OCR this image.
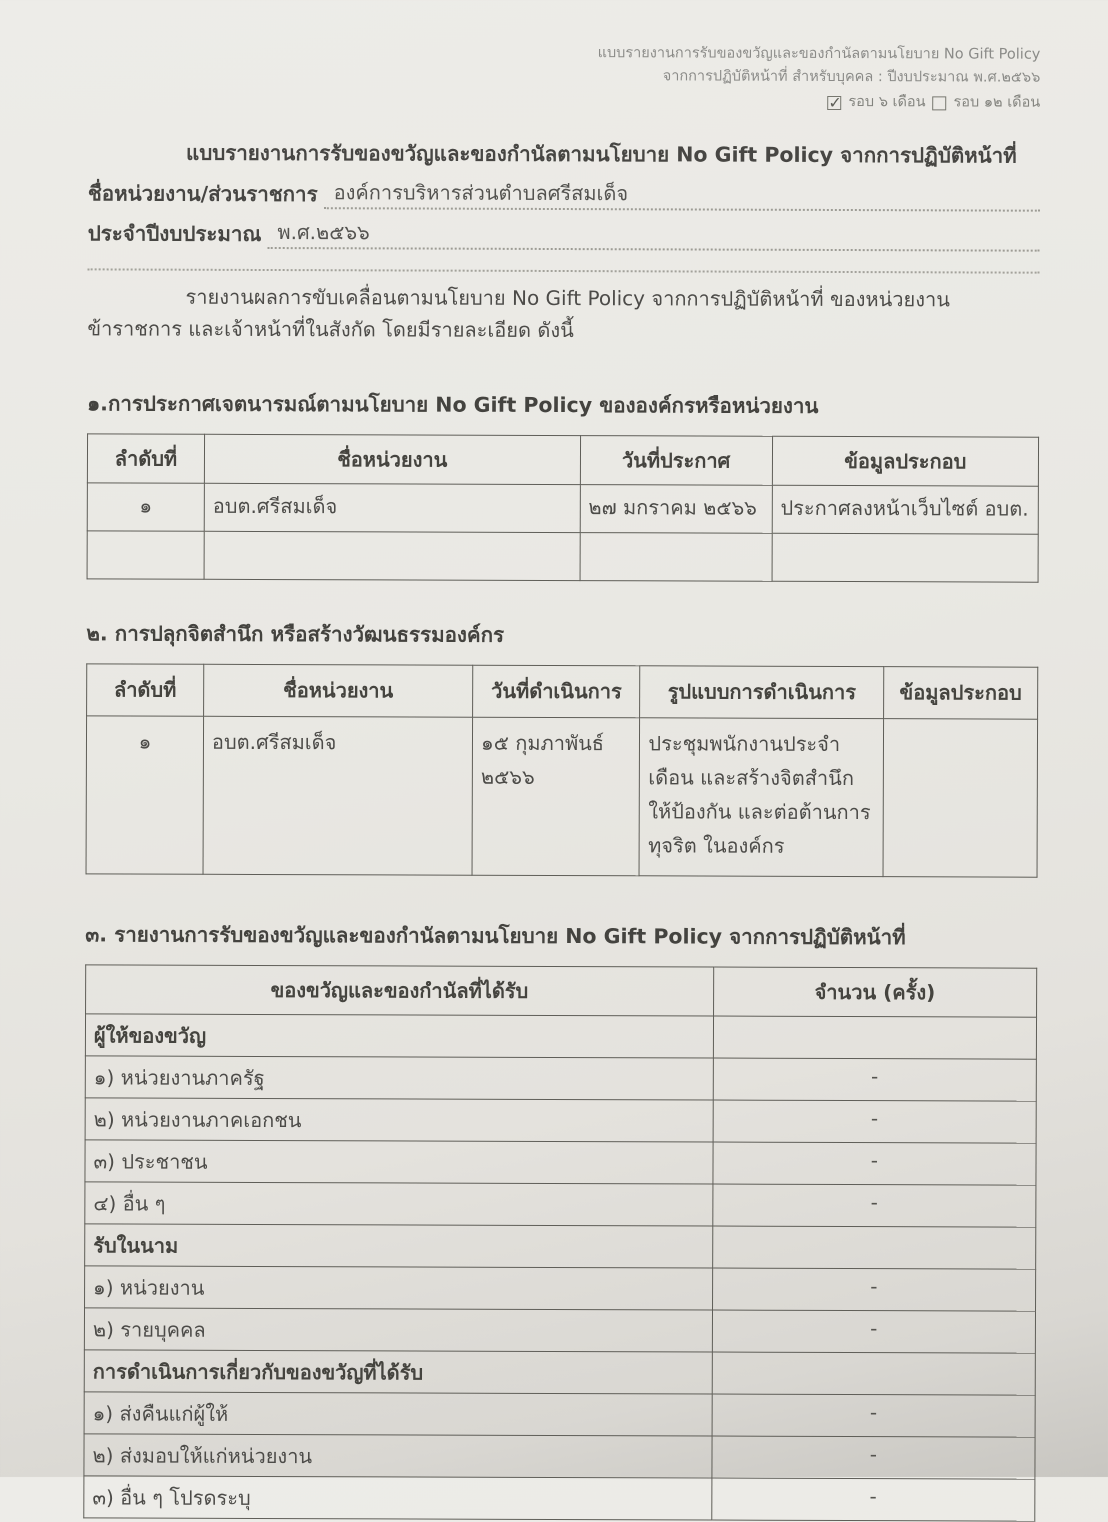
แบบรายงานการรับของขวัญและของกำนัลตามนโยบาย No Gift Policy
จากการปฏิบัติหน้าที่ สำหรับบุคคล : ปีงบประมาณ พ.ศ.๒๕๖๖
✓ รอบ ๖ เดือน รอบ ๑๒ เดือน
แบบรายงานการรับของขวัญและของกำนัลตามนโยบาย No Gift Policy จากการปฏิบัติหน้าที่
ชื่อหน่วยงาน/ส่วนราชการ องค์การบริหารส่วนตำบลศรีสมเด็จ
ประจำปีงบประมาณ พ.ศ.๒๕๖๖
รายงานผลการขับเคลื่อนตามนโยบาย No Gift Policy จากการปฏิบัติหน้าที่ ของหน่วยงาน ข้าราชการ และเจ้าหน้าที่ในสังกัด โดยมีรายละเอียด ดังนี้
๑.การประกาศเจตนารมณ์ตามนโยบาย No Gift Policy ขององค์กรหรือหน่วยงาน
ลำดับที่	ชื่อหน่วยงาน	วันที่ประกาศ	ข้อมูลประกอบ
๑	อบต.ศรีสมเด็จ	๒๗ มกราคม ๒๕๖๖	ประกาศลงหน้าเว็บไซต์ อบต.

๒. การปลุกจิตสำนึก หรือสร้างวัฒนธรรมองค์กร
ลำดับที่	ชื่อหน่วยงาน	วันที่ดำเนินการ	รูปแบบการดำเนินการ	ข้อมูลประกอบ
๑	อบต.ศรีสมเด็จ	๑๕ กุมภาพันธ์ ๒๕๖๖	ประชุมพนักงานประจำเดือน และสร้างจิตสำนึกให้ป้องกัน และต่อต้านการทุจริต ในองค์กร	
๓. รายงานการรับของขวัญและของกำนัลตามนโยบาย No Gift Policy จากการปฏิบัติหน้าที่
ของขวัญและของกำนัลที่ได้รับ	จำนวน (ครั้ง)
ผู้ให้ของขวัญ	
๑) หน่วยงานภาครัฐ	-
๒) หน่วยงานภาคเอกชน	-
๓) ประชาชน	-
๔) อื่น ๆ	-
รับในนาม	
๑) หน่วยงาน	-
๒) รายบุคคล	-
การดำเนินการเกี่ยวกับของขวัญที่ได้รับ	
๑) ส่งคืนแก่ผู้ให้	-
๒) ส่งมอบให้แก่หน่วยงาน	-
๓) อื่น ๆ โปรดระบุ	-
